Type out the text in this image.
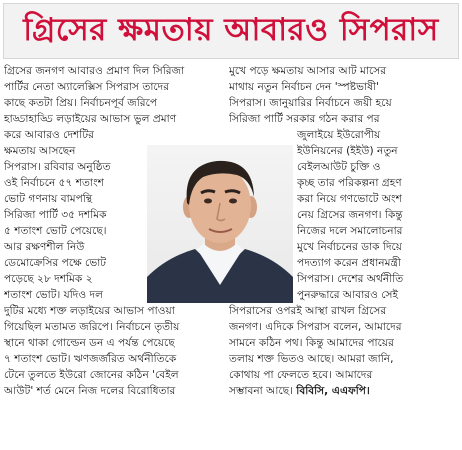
গ্রিসের ক্ষমতায় আবারও সিপরাস
গ্রিসের জনগণ আবারও প্রমাণ দিল সিরিজা
পার্টির নেতা অ্যালেক্সিস সিপরাস তাদের
কাছে কতটা প্রিয়। নির্বাচনপূর্ব জরিপে
হাড্ডাহাড্ডি লড়াইয়ের আভাস ভুল প্রমাণ
করে আবারও দেশটির
ক্ষমতায় আসছেন
সিপরাস। রবিবার অনুষ্ঠিত
ওই নির্বাচনে ৫৭ শতাংশ
ভোট গণনায় বামপন্থি
সিরিজা পার্টি ৩৫ দশমিক
৫ শতাংশ ভোট পেয়েছে।
আর রক্ষণশীল নিউ
ডেমোক্রেসির পক্ষে ভোট
পড়েছে ২৮ দশমিক ২
শতাংশ ভোট। যদিও দল
দুটির মধ্যে শক্ত লড়াইয়ের আভাস পাওয়া
গিয়েছিল মতামত জরিপে। নির্বাচনে তৃতীয়
স্থানে থাকা গোল্ডেন ডন এ পর্যন্ত পেয়েছে
৭ শতাংশ ভোট। ঋণজর্জরিত অর্থনীতিকে
টেনে তুলতে ইউরো জোনের কঠিন 'বেইল
আউট' শর্ত মেনে নিজ দলের বিরোধিতার
মুখে পড়ে ক্ষমতায় আসার আট মাসের
মাথায় নতুন নির্বাচন দেন 'স্পষ্টভাষী'
সিপরাস। জানুয়ারির নির্বাচনে জয়ী হয়ে
সিরিজা পার্টি সরকার গঠন করার পর
জুলাইয়ে ইউরোপীয়
ইউনিয়নের (ইইউ) নতুন
বেইলআউট চুক্তি ও
কৃচ্ছ তার পরিকল্পনা গ্রহণ
করা নিয়ে গণভোটে অংশ
নেয় গ্রিসের জনগণ। কিন্তু
নিজের দলে সমালোচনার
মুখে নির্বাচনের ডাক দিয়ে
পদত্যাগ করেন প্রধানমন্ত্রী
সিপরাস। দেশের অর্থনীতি
পুনরুদ্ধারে আবারও সেই
সিপরাসের ওপরই আস্থা রাখল গ্রিসের
জনগণ। এদিকে সিপরাস বলেন, আমাদের
সামনে কঠিন পথ। কিন্তু আমাদের পায়ের
তলায় শক্ত ভিতও আছে। আমরা জানি,
কোথায় পা ফেলতে হবে। আমাদের
সম্ভাবনা আছে। বিবিসি, এএফপি।
